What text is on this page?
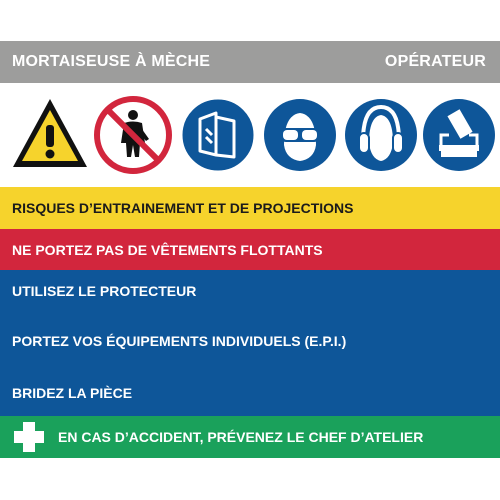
MORTAISEUSE À MÈCHE	OPÉRATEUR
RISQUES D’ENTRAINEMENT ET DE PROJECTIONS
NE PORTEZ PAS DE VÊTEMENTS FLOTTANTS
UTILISEZ LE PROTECTEUR
PORTEZ VOS ÉQUIPEMENTS INDIVIDUELS (E.P.I.)
BRIDEZ LA PIÈCE
EN CAS D’ACCIDENT, PRÉVENEZ LE CHEF D’ATELIER
